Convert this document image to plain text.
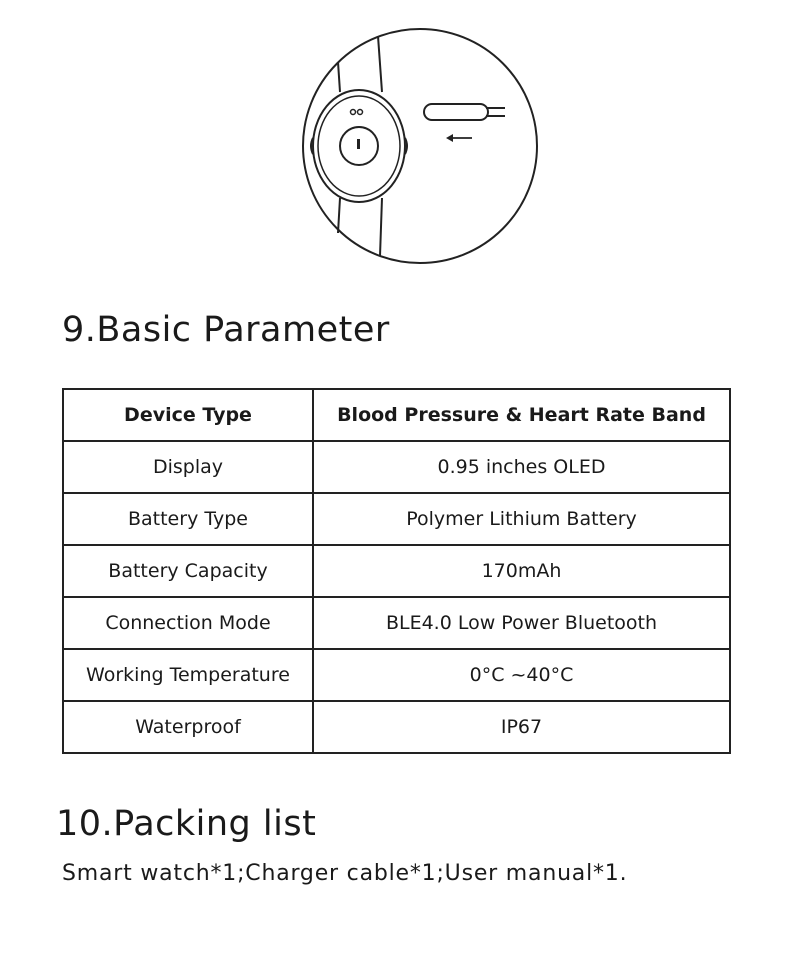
9.Basic Parameter
Device Type	Blood Pressure & Heart Rate Band
Display	0.95 inches OLED
Battery Type	Polymer Lithium Battery
Battery Capacity	170mAh
Connection Mode	BLE4.0 Low Power Bluetooth
Working Temperature	0°C ~40°C
Waterproof	IP67
10.Packing list

Smart watch*1;Charger cable*1;User manual*1.
